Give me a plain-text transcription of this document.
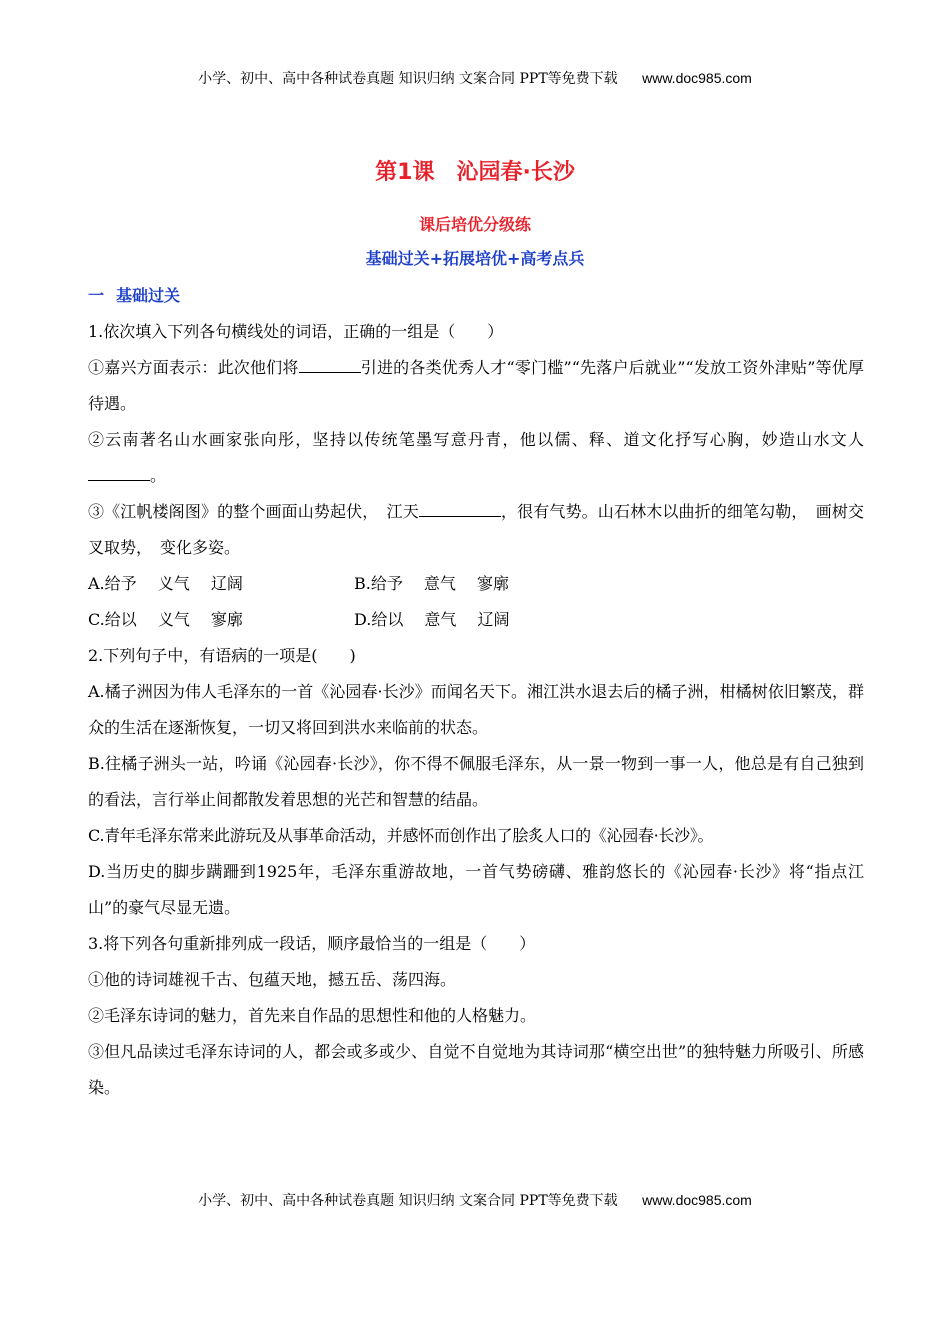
小学、初中、高中各种试卷真题 知识归纳 文案合同 PPT等免费下载 www.doc985.com
第1课　沁园春·长沙
课后培优分级练
基础过关+拓展培优+高考点兵
一 基础过关

1.依次填入下列各句横线处的词语，正确的一组是（　　）

①嘉兴方面表示：此次他们将	引进的各类优秀人才“零门槛”“先落户后就业”“发放工资外津贴”等优厚待遇。

②云南著名山水画家张向彤，坚持以传统笔墨写意丹青，他以儒、释、道文化抒写心胸，妙造山水文人。

③《江帆楼阁图》的整个画面山势起伏，　江天	，很有气势。山石林木以曲折的细笔勾勒，　画树交叉取势，　变化多姿。

A.给予　 义气　 辽阔	B.给予　 意气　 寥廓

C.给以　 义气　 寥廓	D.给以　 意气　 辽阔

2.下列句子中，有语病的一项是(　　)

A.橘子洲因为伟人毛泽东的一首《沁园春·长沙》而闻名天下。湘江洪水退去后的橘子洲，柑橘树依旧繁茂，群众的生活在逐渐恢复，一切又将回到洪水来临前的状态。

B.往橘子洲头一站，吟诵《沁园春·长沙》，你不得不佩服毛泽东，从一景一物到一事一人，他总是有自己独到的看法，言行举止间都散发着思想的光芒和智慧的结晶。

C.青年毛泽东常来此游玩及从事革命活动，并感怀而创作出了脍炙人口的《沁园春·长沙》。

D.当历史的脚步蹒跚到1925年，毛泽东重游故地，一首气势磅礴、雅韵悠长的《沁园春·长沙》将“指点江山”的豪气尽显无遗。

3.将下列各句重新排列成一段话，顺序最恰当的一组是（　　）

①他的诗词雄视千古、包蕴天地，撼五岳、荡四海。

②毛泽东诗词的魅力，首先来自作品的思想性和他的人格魅力。

③但凡品读过毛泽东诗词的人，都会或多或少、自觉不自觉地为其诗词那“横空出世”的独特魅力所吸引、所感染。

小学、初中、高中各种试卷真题 知识归纳 文案合同 PPT等免费下载 www.doc985.com
